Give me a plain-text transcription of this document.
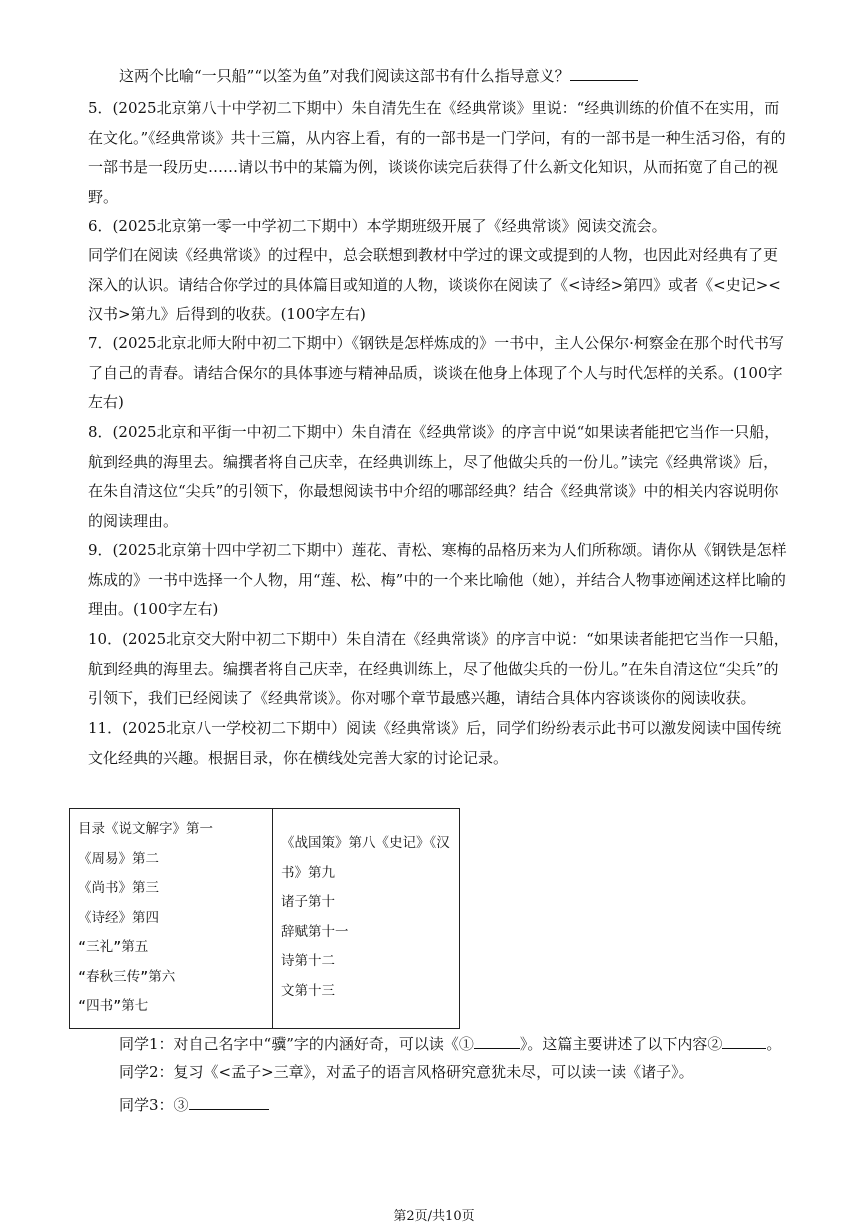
这两个比喻“一只船”“以筌为鱼”对我们阅读这部书有什么指导意义？

5．(2025北京第八十中学初二下期中）朱自清先生在《经典常谈》里说：“经典训练的价值不在实用，而在文化。”《经典常谈》共十三篇，从内容上看，有的一部书是一门学问，有的一部书是一种生活习俗，有的一部书是一段历史……请以书中的某篇为例，谈谈你读完后获得了什么新文化知识，从而拓宽了自己的视野。

6．(2025北京第一零一中学初二下期中）本学期班级开展了《经典常谈》阅读交流会。

同学们在阅读《经典常谈》的过程中，总会联想到教材中学过的课文或提到的人物，也因此对经典有了更深入的认识。请结合你学过的具体篇目或知道的人物，谈谈你在阅读了《<诗经>第四》或者《<史记><汉书>第九》后得到的收获。(100字左右)

7．(2025北京北师大附中初二下期中）《钢铁是怎样炼成的》一书中，主人公保尔·柯察金在那个时代书写了自己的青春。请结合保尔的具体事迹与精神品质，谈谈在他身上体现了个人与时代怎样的关系。(100字左右)

8．(2025北京和平街一中初二下期中）朱自清在《经典常谈》的序言中说“如果读者能把它当作一只船，航到经典的海里去。编撰者将自己庆幸，在经典训练上，尽了他做尖兵的一份儿。”读完《经典常谈》后，在朱自清这位“尖兵”的引领下，你最想阅读书中介绍的哪部经典？结合《经典常谈》中的相关内容说明你的阅读理由。

9．(2025北京第十四中学初二下期中）莲花、青松、寒梅的品格历来为人们所称颂。请你从《钢铁是怎样炼成的》一书中选择一个人物，用“莲、松、梅”中的一个来比喻他（她），并结合人物事迹阐述这样比喻的理由。(100字左右)

10．(2025北京交大附中初二下期中）朱自清在《经典常谈》的序言中说：“如果读者能把它当作一只船，航到经典的海里去。编撰者将自己庆幸，在经典训练上，尽了他做尖兵的一份儿。”在朱自清这位“尖兵”的引领下，我们已经阅读了《经典常谈》。你对哪个章节最感兴趣，请结合具体内容谈谈你的阅读收获。

11．(2025北京八一学校初二下期中）阅读《经典常谈》后，同学们纷纷表示此书可以激发阅读中国传统文化经典的兴趣。根据目录，你在横线处完善大家的讨论记录。

目录《说文解字》第一
《周易》第二
《尚书》第三
《诗经》第四
“三礼”第五
“春秋三传”第六
“四书”第七

《战国策》第八《史记》《汉
书》第九
诸子第十
辞赋第十一
诗第十二
文第十三
同学1：对自己名字中“骥”字的内涵好奇，可以读《①	》。这篇主要讲述了以下内容②	。
同学2：复习《<孟子>三章》，对孟子的语言风格研究意犹未尽，可以读一读《诸子》。
同学3：③
第2页/共10页
